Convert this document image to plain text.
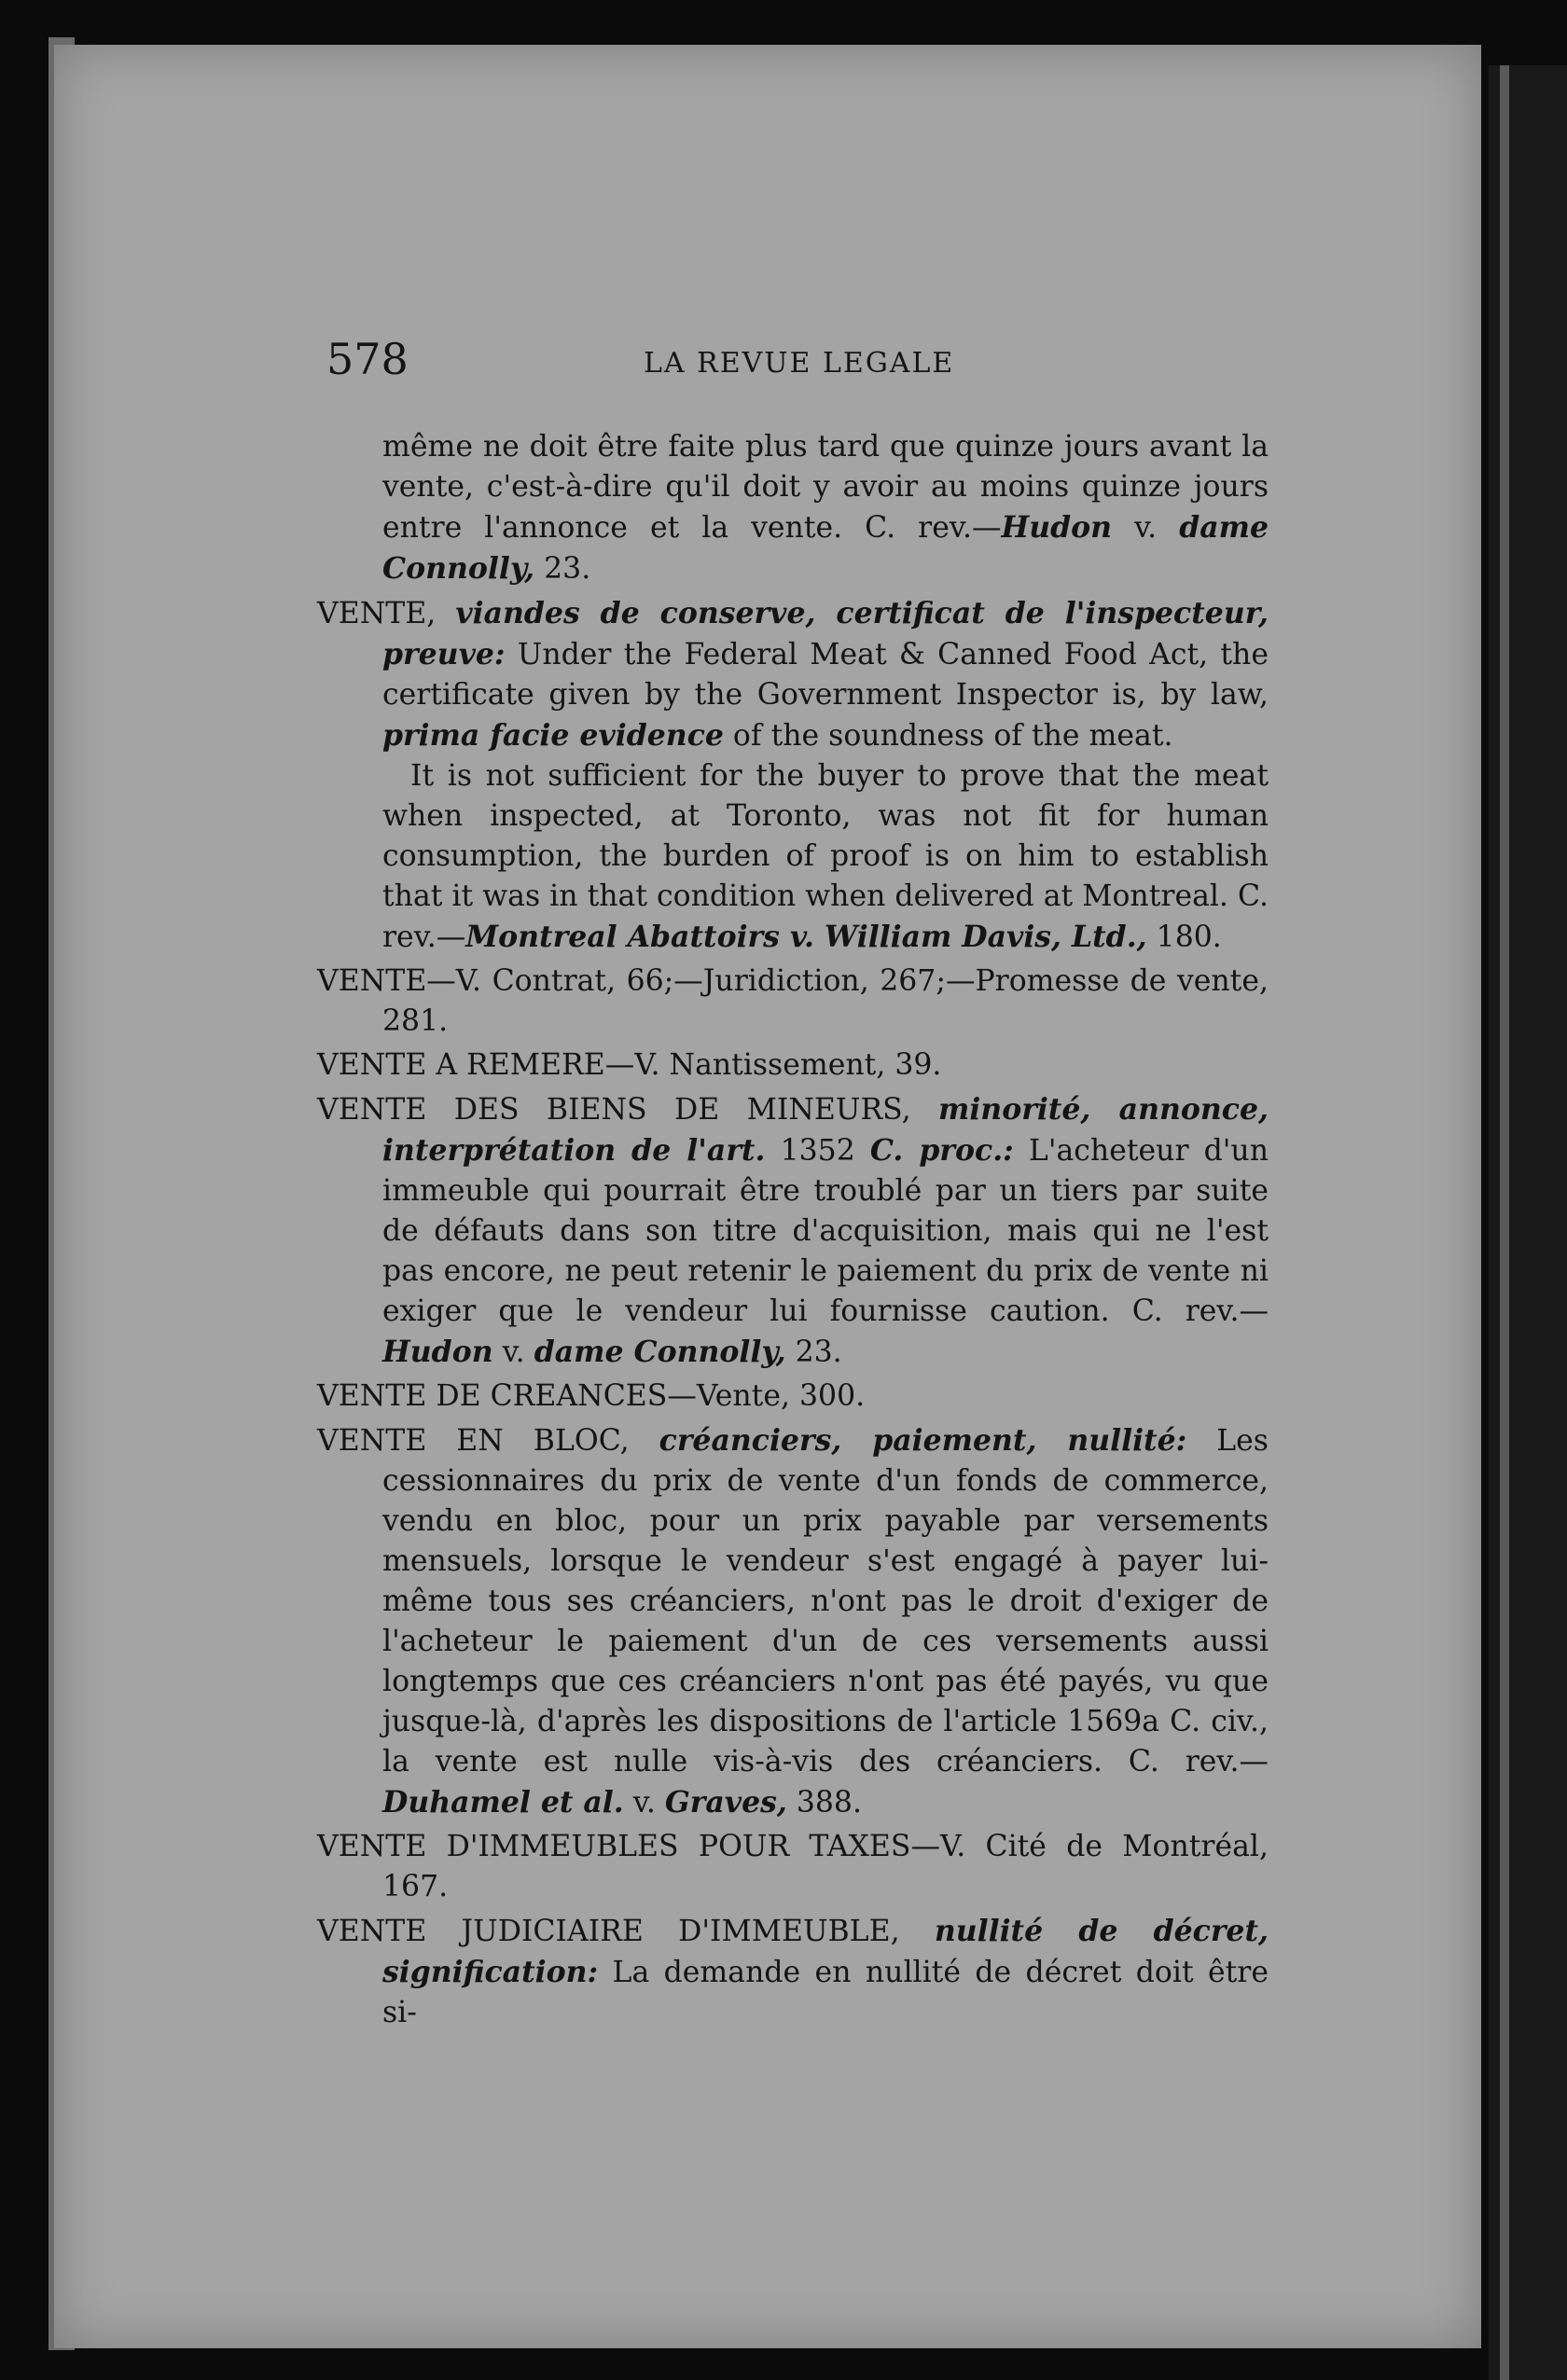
578	LA REVUE LEGALE

même ne doit être faite plus tard que quinze jours avant la vente, c'est-à-dire qu'il doit y avoir au moins quinze jours entre l'annonce et la vente. C. rev.—Hudon v. dame Connolly, 23.

VENTE, viandes de conserve, certificat de l'inspecteur, preuve: Under the Federal Meat & Canned Food Act, the certificate given by the Government Inspector is, by law, prima facie evidence of the soundness of the meat.

It is not sufficient for the buyer to prove that the meat when inspected, at Toronto, was not fit for human consumption, the burden of proof is on him to establish that it was in that condition when delivered at Montreal. C. rev.—Montreal Abattoirs v. William Davis, Ltd., 180.

VENTE—V. Contrat, 66;—Juridiction, 267;—Promesse de vente, 281.
VENTE A REMERE—V. Nantissement, 39.
VENTE DES BIENS DE MINEURS, minorité, annonce, interprétation de l'art. 1352 C. proc.: L'acheteur d'un immeuble qui pourrait être troublé par un tiers par suite de défauts dans son titre d'acquisition, mais qui ne l'est pas encore, ne peut retenir le paiement du prix de vente ni exiger que le vendeur lui fournisse caution. C. rev.—Hudon v. dame Connolly, 23.
VENTE DE CREANCES—Vente, 300.
VENTE EN BLOC, créanciers, paiement, nullité: Les cessionnaires du prix de vente d'un fonds de commerce, vendu en bloc, pour un prix payable par versements mensuels, lorsque le vendeur s'est engagé à payer lui-même tous ses créanciers, n'ont pas le droit d'exiger de l'acheteur le paiement d'un de ces versements aussi longtemps que ces créanciers n'ont pas été payés, vu que jusque-là, d'après les dispositions de l'article 1569a C. civ., la vente est nulle vis-à-vis des créanciers. C. rev.—Duhamel et al. v. Graves, 388.
VENTE D'IMMEUBLES POUR TAXES—V. Cité de Montréal, 167.
VENTE JUDICIAIRE D'IMMEUBLE, nullité de décret, signification: La demande en nullité de décret doit être si-
